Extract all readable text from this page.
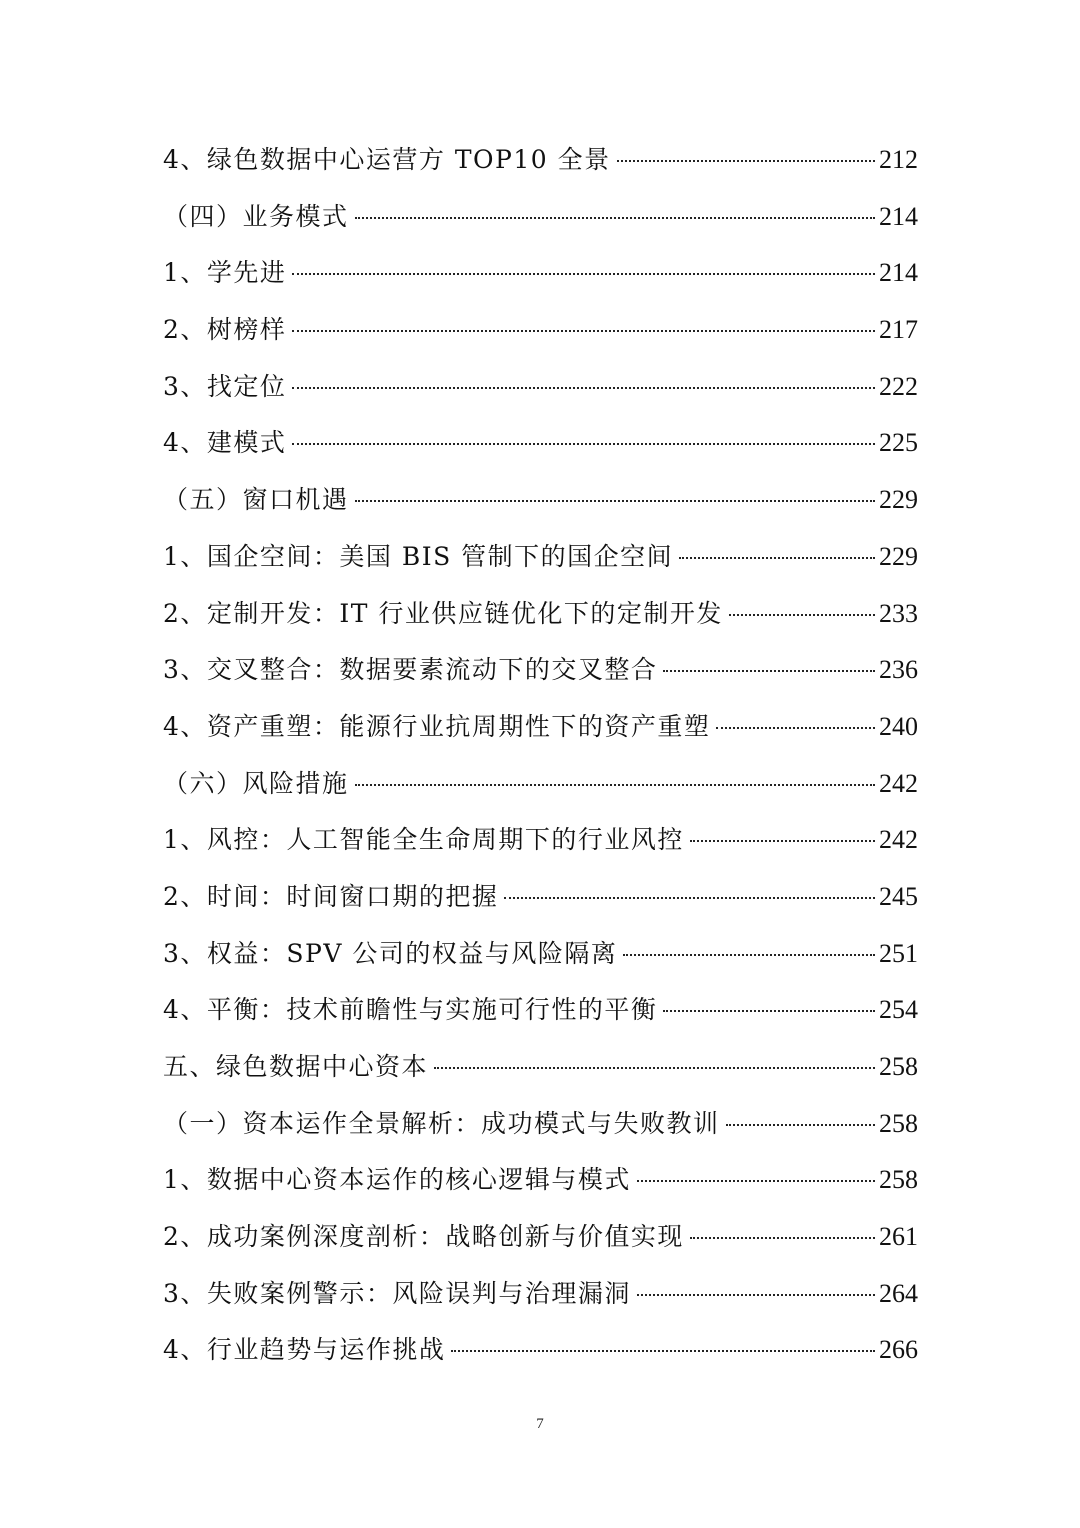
4、绿色数据中心运营方 TOP10 全景	212
（四）业务模式	214
1、学先进	214
2、树榜样	217
3、找定位	222
4、建模式	225
（五）窗口机遇	229
1、国企空间：美国 BIS 管制下的国企空间	229
2、定制开发：IT 行业供应链优化下的定制开发	233
3、交叉整合：数据要素流动下的交叉整合	236
4、资产重塑：能源行业抗周期性下的资产重塑	240
（六）风险措施	242
1、风控：人工智能全生命周期下的行业风控	242
2、时间：时间窗口期的把握	245
3、权益：SPV 公司的权益与风险隔离	251
4、平衡：技术前瞻性与实施可行性的平衡	254
五、绿色数据中心资本	258
（一）资本运作全景解析：成功模式与失败教训	258
1、数据中心资本运作的核心逻辑与模式	258
2、成功案例深度剖析：战略创新与价值实现	261
3、失败案例警示：风险误判与治理漏洞	264
4、行业趋势与运作挑战	266
7
